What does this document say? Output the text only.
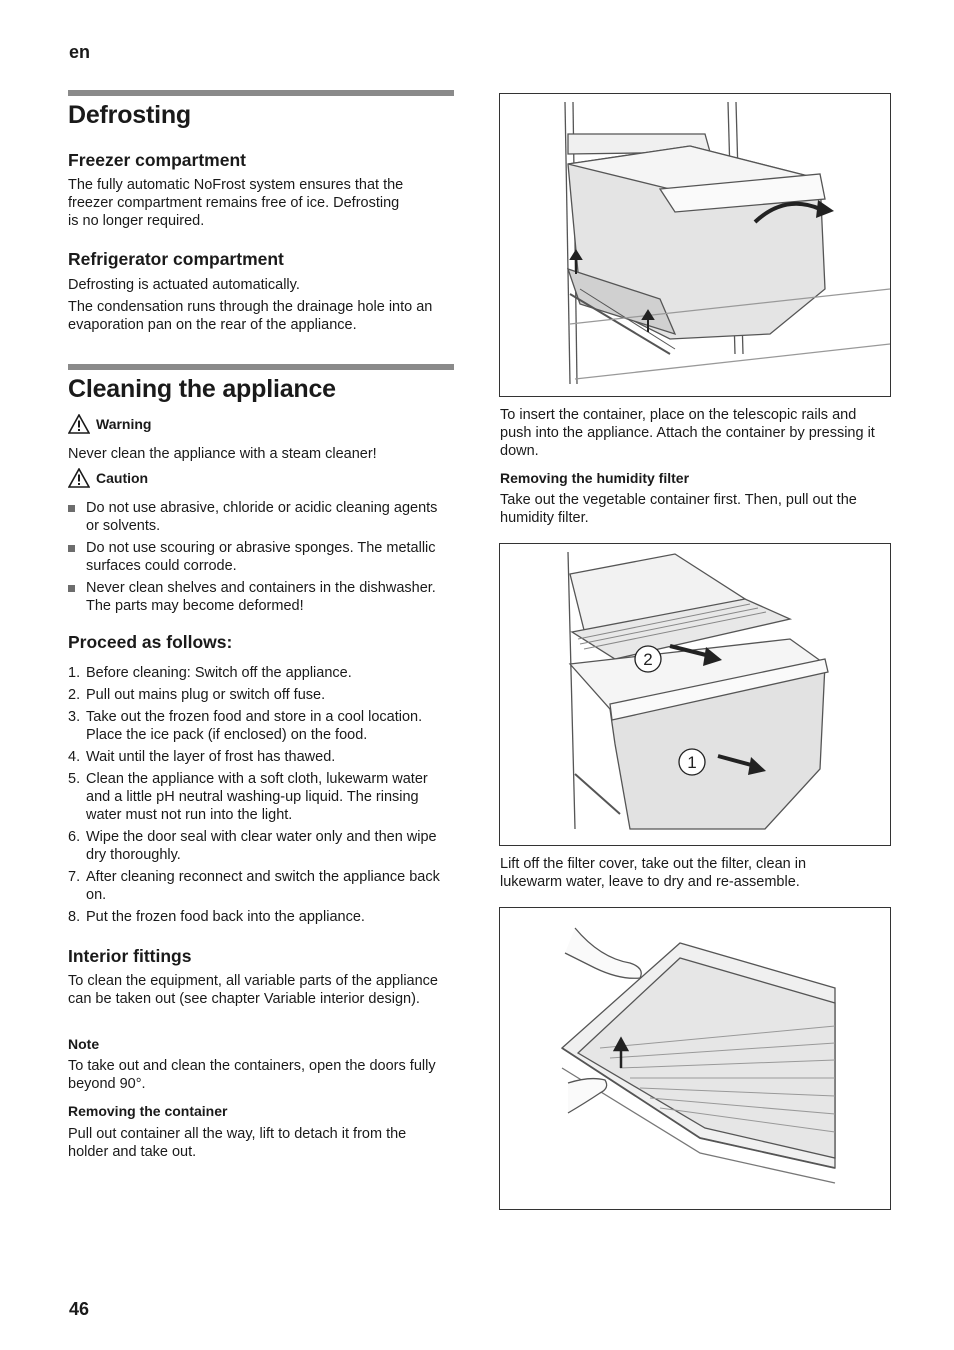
en
Defrosting
Freezer compartment

The fully automatic NoFrost system ensures that the freezer compartment remains free of ice. Defrosting is no longer required.

Refrigerator compartment

Defrosting is actuated automatically.

The condensation runs through the drainage hole into an evaporation pan on the rear of the appliance.

Cleaning the appliance
Warning

Never clean the appliance with a steam cleaner!

Caution
Do not use abrasive, chloride or acidic cleaning agents or solvents.
Do not use scouring or abrasive sponges. The metallic surfaces could corrode.
Never clean shelves and containers in the dishwasher. The parts may become deformed!
Proceed as follows:
1. Before cleaning: Switch off the appliance.
2. Pull out mains plug or switch off fuse.
3. Take out the frozen food and store in a cool location. Place the ice pack (if enclosed) on the food.
4. Wait until the layer of frost has thawed.
5. Clean the appliance with a soft cloth, lukewarm water and a little pH neutral washing-up liquid. The rinsing water must not run into the light.
6. Wipe the door seal with clear water only and then wipe dry thoroughly.
7. After cleaning reconnect and switch the appliance back on.
8. Put the frozen food back into the appliance.
Interior fittings

To clean the equipment, all variable parts of the appliance can be taken out (see chapter Variable interior design).

Note

To take out and clean the containers, open the doors fully beyond 90°.

Removing the container

Pull out container all the way, lift to detach it from the holder and take out.

46

To insert the container, place on the telescopic rails and push into the appliance. Attach the container by pressing it down.

Removing the humidity filter

Take out the vegetable container first. Then, pull out the humidity filter.

2
1

Lift off the filter cover, take out the filter, clean in lukewarm water, leave to dry and re-assemble.
